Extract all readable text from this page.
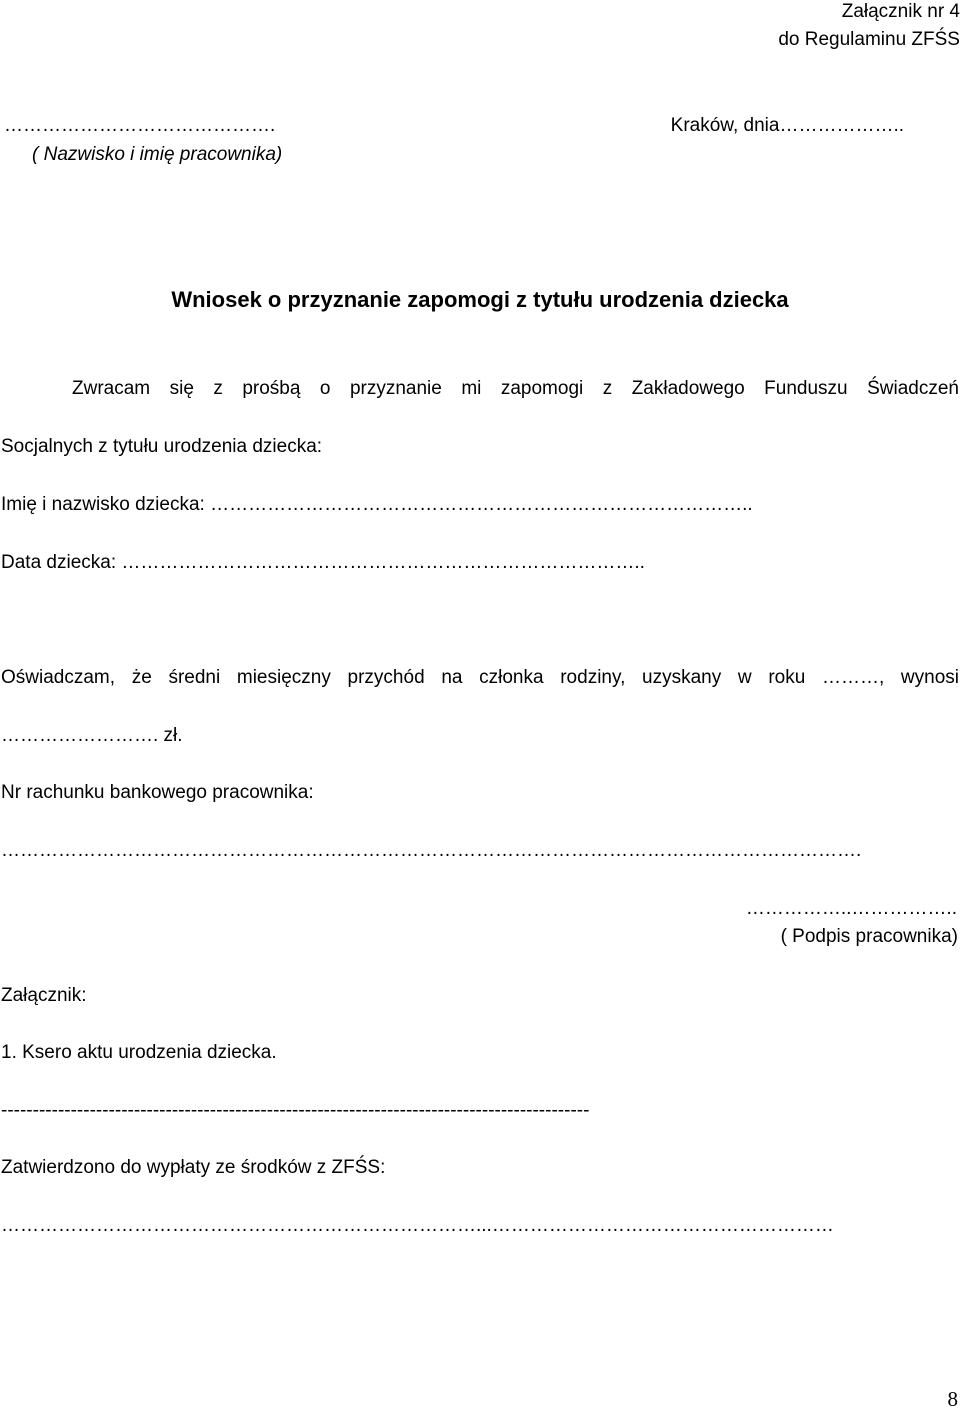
Załącznik nr 4
do Regulaminu ZFŚS
…………………………………….	Kraków, dnia………………..
( Nazwisko i imię pracownika)
Wniosek o przyznanie zapomogi z tytułu urodzenia dziecka
Zwracam się z prośbą o przyznanie mi zapomogi z Zakładowego Funduszu Świadczeń
Socjalnych z tytułu urodzenia dziecka:
Imię i nazwisko dziecka: …………………………………………………………………………..
Data dziecka: ………………………………………………………………………..
Oświadczam, że średni miesięczny przychód na członka rodziny, uzyskany w roku ………, wynosi
……………………. zł.
Nr rachunku bankowego pracownika:
……………………………………………………………………………………………………………………….
……………..……………..
( Podpis pracownika)
Załącznik:
1. Ksero aktu urodzenia dziecka.
---------------------------------------------------------------------------------------------
Zatwierdzono do wypłaty ze środków z ZFŚS:
…………………………………………………………………...………………………………………………
8
